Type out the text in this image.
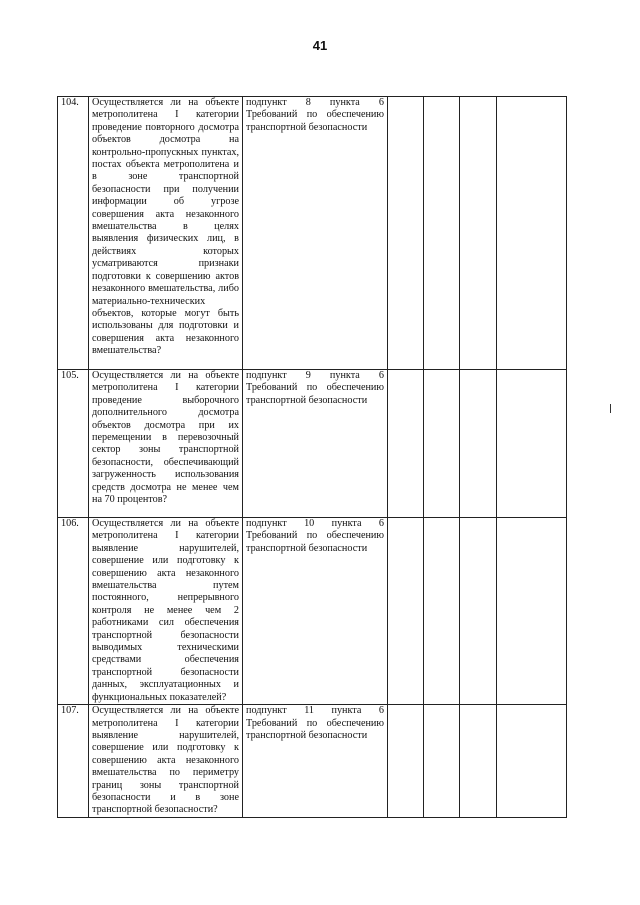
41
104.	Осуществляется ли на объекте метрополитена I категории проведение повторного досмотра объектов досмотра на контрольно-пропускных пунктах, постах объекта метрополитена и в зоне транспортной безопасности при получении информации об угрозе совершения акта незаконного вмешательства в целях выявления физических лиц, в действиях которых усматриваются признаки подготовки к совершению актов незаконного вмешательства, либо материально-технических объектов, которые могут быть использованы для подготовки и совершения акта незаконного вмешательства?	подпункт 8 пункта 6 Требований по обеспечению транспортной безопасности				
105.	Осуществляется ли на объекте метрополитена I категории проведение выборочного дополнительного досмотра объектов досмотра при их перемещении в перевозочный сектор зоны транспортной безопасности, обеспечивающий загруженность использования средств досмотра не менее чем на 70 процентов?	подпункт 9 пункта 6 Требований по обеспечению транспортной безопасности				
106.	Осуществляется ли на объекте метрополитена I категории выявление нарушителей, совершение или подготовку к совершению акта незаконного вмешательства путем постоянного, непрерывного контроля не менее чем 2 работниками сил обеспечения транспортной безопасности выводимых техническими средствами обеспечения транспортной безопасности данных, эксплуатационных и функциональных показателей?	подпункт 10 пункта 6 Требований по обеспечению транспортной безопасности				
107.	Осуществляется ли на объекте метрополитена I категории выявление нарушителей, совершение или подготовку к совершению акта незаконного вмешательства по периметру границ зоны транспортной безопасности и в зоне транспортной безопасности?	подпункт 11 пункта 6 Требований по обеспечению транспортной безопасности				
